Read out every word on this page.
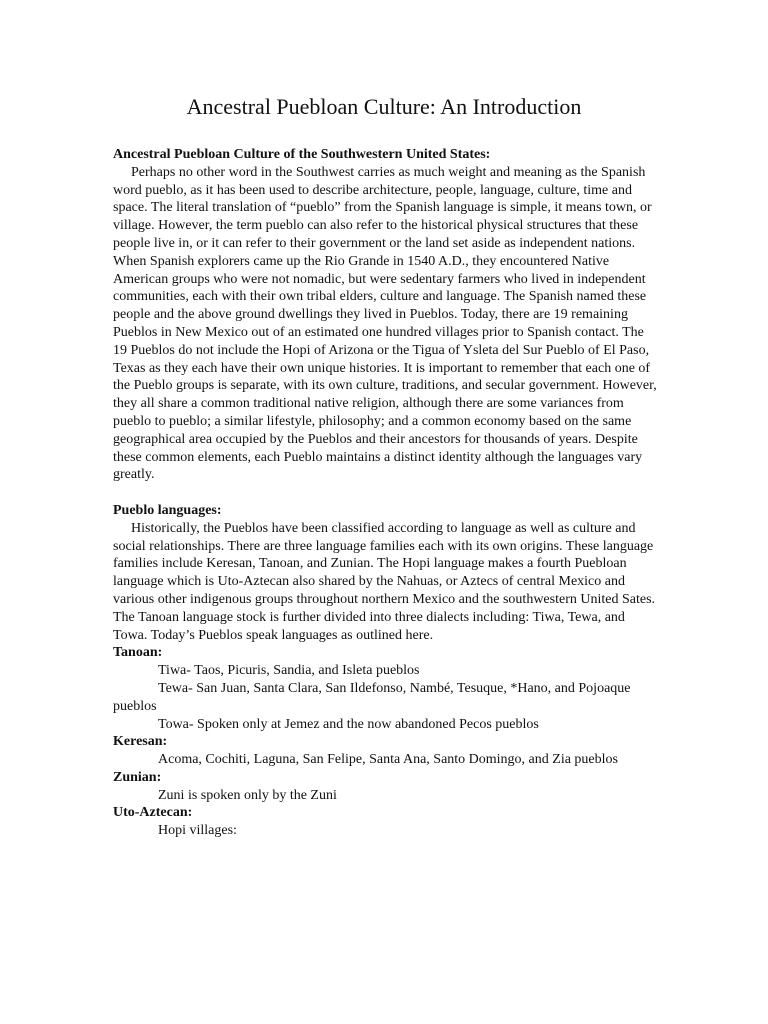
Ancestral Puebloan Culture: An Introduction

Ancestral Puebloan Culture of the Southwestern United States:

Perhaps no other word in the Southwest carries as much weight and meaning as the Spanish word pueblo, as it has been used to describe architecture, people, language, culture, time and space. The literal translation of “pueblo” from the Spanish language is simple, it means town, or village. However, the term pueblo can also refer to the historical physical structures that these people live in, or it can refer to their government or the land set aside as independent nations.

When Spanish explorers came up the Rio Grande in 1540 A.D., they encountered Native American groups who were not nomadic, but were sedentary farmers who lived in independent communities, each with their own tribal elders, culture and language. The Spanish named these people and the above ground dwellings they lived in Pueblos. Today, there are 19 remaining Pueblos in New Mexico out of an estimated one hundred villages prior to Spanish contact. The 19 Pueblos do not include the Hopi of Arizona or the Tigua of Ysleta del Sur Pueblo of El Paso, Texas as they each have their own unique histories. It is important to remember that each one of the Pueblo groups is separate, with its own culture, traditions, and secular government. However, they all share a common traditional native religion, although there are some variances from pueblo to pueblo; a similar lifestyle, philosophy; and a common economy based on the same geographical area occupied by the Pueblos and their ancestors for thousands of years. Despite these common elements, each Pueblo maintains a distinct identity although the languages vary greatly.

Pueblo languages:

Historically, the Pueblos have been classified according to language as well as culture and social relationships. There are three language families each with its own origins. These language families include Keresan, Tanoan, and Zunian. The Hopi language makes a fourth Puebloan language which is Uto-Aztecan also shared by the Nahuas, or Aztecs of central Mexico and various other indigenous groups throughout northern Mexico and the southwestern United Sates. The Tanoan language stock is further divided into three dialects including: Tiwa, Tewa, and Towa. Today’s Pueblos speak languages as outlined here.

Tanoan:

Tiwa- Taos, Picuris, Sandia, and Isleta pueblos

Tewa- San Juan, Santa Clara, San Ildefonso, Nambé, Tesuque, *Hano, and Pojoaque pueblos

Towa- Spoken only at Jemez and the now abandoned Pecos pueblos

Keresan:

Acoma, Cochiti, Laguna, San Felipe, Santa Ana, Santo Domingo, and Zia pueblos

Zunian:

Zuni is spoken only by the Zuni

Uto-Aztecan:

Hopi villages:
